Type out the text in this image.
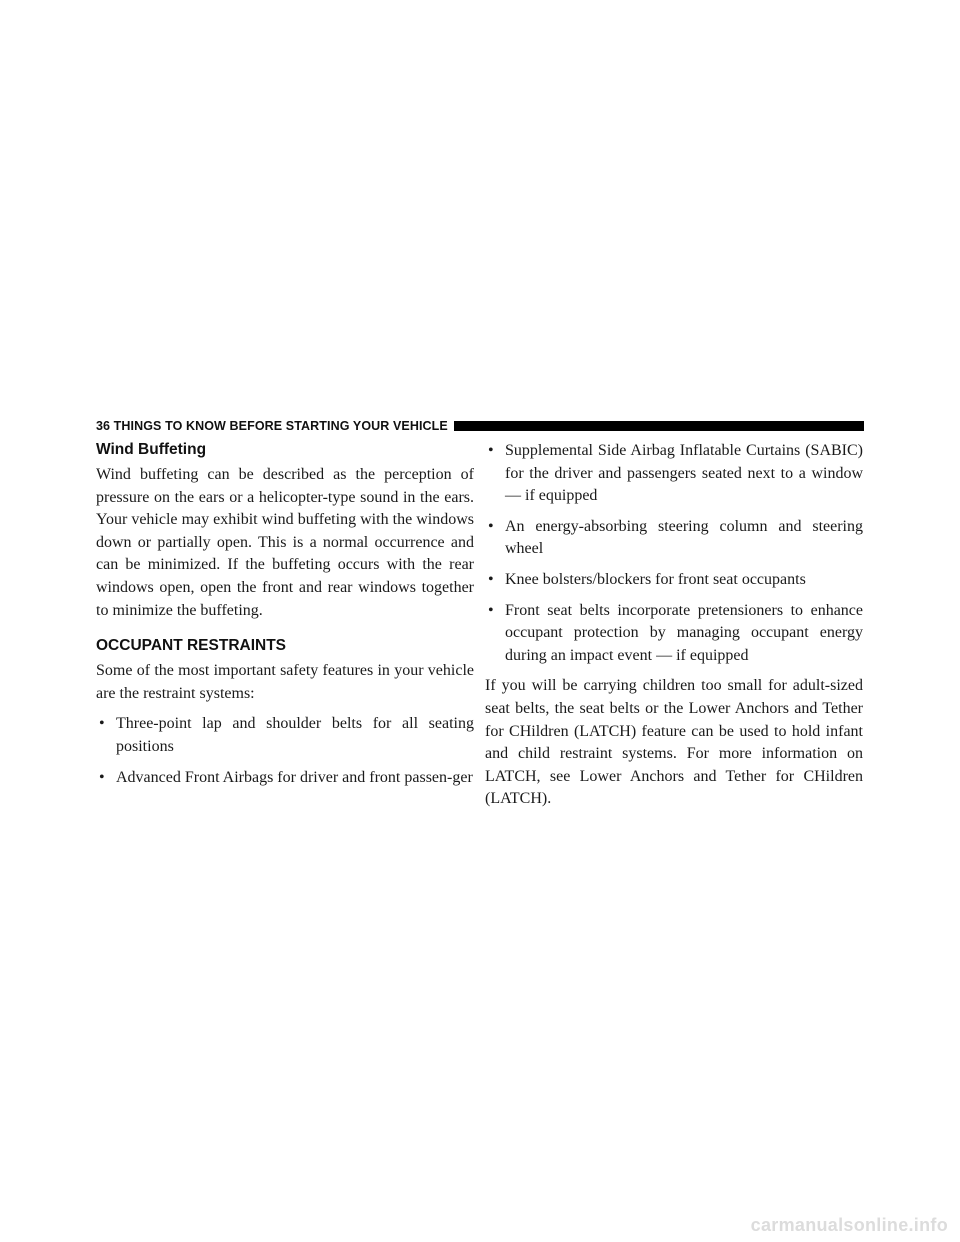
36 THINGS TO KNOW BEFORE STARTING YOUR VEHICLE
Wind Buffeting

Wind buffeting can be described as the perception of pressure on the ears or a helicopter-type sound in the ears. Your vehicle may exhibit wind buffeting with the windows down or partially open. This is a normal occurrence and can be minimized. If the buffeting occurs with the rear windows open, open the front and rear windows together to minimize the buffeting.

OCCUPANT RESTRAINTS

Some of the most important safety features in your vehicle are the restraint systems:

• Three-point lap and shoulder belts for all seating positions
• Advanced Front Airbags for driver and front passen-ger
• Supplemental Side Airbag Inflatable Curtains (SABIC) for the driver and passengers seated next to a window — if equipped
• An energy-absorbing steering column and steering wheel
• Knee bolsters/blockers for front seat occupants
• Front seat belts incorporate pretensioners to enhance occupant protection by managing occupant energy during an impact event — if equipped

If you will be carrying children too small for adult-sized seat belts, the seat belts or the Lower Anchors and Tether for CHildren (LATCH) feature can be used to hold infant and child restraint systems. For more information on LATCH, see Lower Anchors and Tether for CHildren (LATCH).

carmanualsonline.info
